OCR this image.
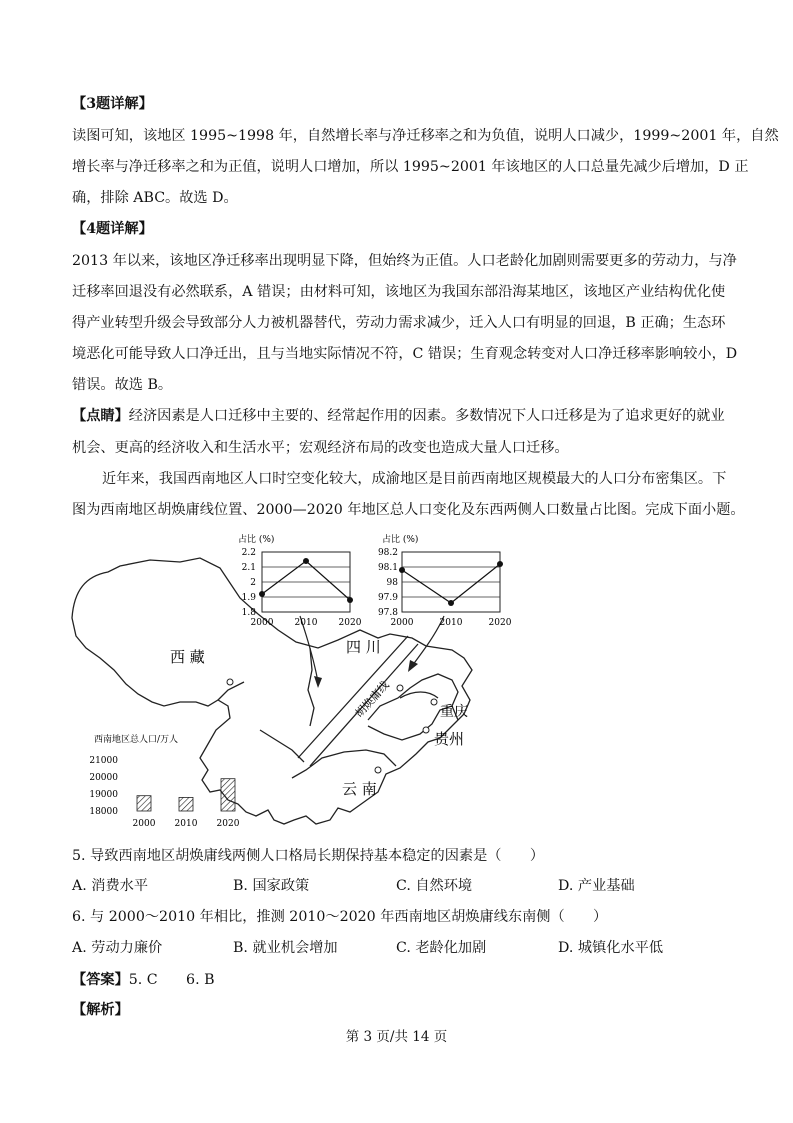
【3题详解】
读图可知，该地区 1995~1998 年，自然增长率与净迁移率之和为负值，说明人口减少，1999~2001 年，自然
增长率与净迁移率之和为正值，说明人口增加，所以 1995~2001 年该地区的人口总量先减少后增加，D 正
确，排除 ABC。故选 D。
【4题详解】
2013 年以来，该地区净迁移率出现明显下降，但始终为正值。人口老龄化加剧则需要更多的劳动力，与净
迁移率回退没有必然联系，A 错误；由材料可知，该地区为我国东部沿海某地区，该地区产业结构优化使
得产业转型升级会导致部分人力被机器替代，劳动力需求减少，迁入人口有明显的回退，B 正确；生态环
境恶化可能导致人口净迁出，且与当地实际情况不符，C 错误；生育观念转变对人口净迁移率影响较小，D
错误。故选 B。
【点睛】经济因素是人口迁移中主要的、经常起作用的因素。多数情况下人口迁移是为了追求更好的就业
机会、更高的经济收入和生活水平；宏观经济布局的改变也造成大量人口迁移。
近年来，我国西南地区人口时空变化较大，成渝地区是目前西南地区规模最大的人口分布密集区。下
图为西南地区胡焕庸线位置、2000—2020 年地区总人口变化及东西两侧人口数量占比图。完成下面小题。
胡焕庸线
西 藏
四 川
重庆
贵州
云 南
占比 (%)
2.2
2.1
2
1.9
1.8
2000 2010 2020
占比 (%)
98.2
98.1
98
97.9
97.8
2000	2010	2020
西南地区总人口/万人
21000
20000
19000
18000
2000 2010 2020
5. 导致西南地区胡焕庸线两侧人口格局长期保持基本稳定的因素是（　　）
A. 消费水平	B. 国家政策	C. 自然环境	D. 产业基础
6. 与 2000～2010 年相比，推测 2010～2020 年西南地区胡焕庸线东南侧（　　）
A. 劳动力廉价	B. 就业机会增加	C. 老龄化加剧	D. 城镇化水平低
【答案】5. C　　6. B
【解析】
第 3 页/共 14 页
